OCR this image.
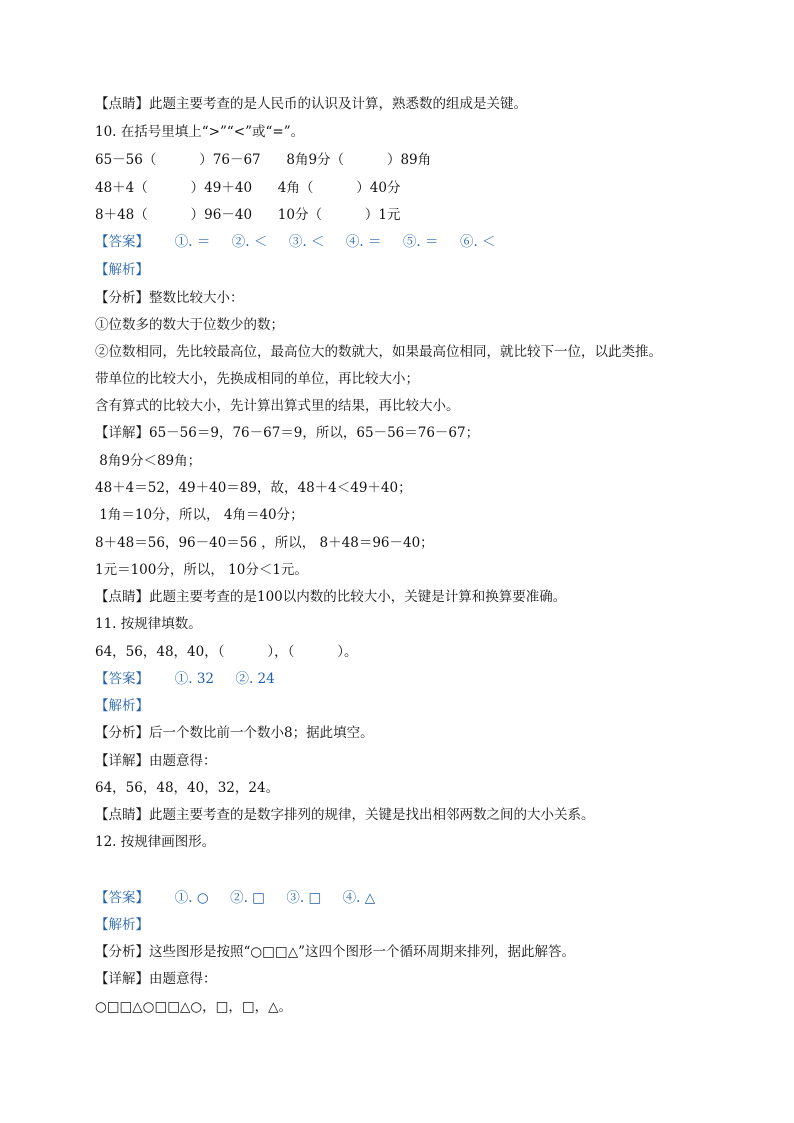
【点睛】此题主要考查的是人民币的认识及计算，熟悉数的组成是关键。
10. 在括号里填上“>”“<”或“=”。
65－56（          ）76－67      8角9分（          ）89角
48＋4（          ）49＋40      4角（          ）40分
8＋48（          ）96－40      10分（          ）1元
【答案】      ①. ＝     ②. ＜     ③. ＜     ④. ＝     ⑤. ＝     ⑥. ＜
【解析】
【分析】整数比较大小：
①位数多的数大于位数少的数；
②位数相同，先比较最高位，最高位大的数就大，如果最高位相同，就比较下一位，以此类推。
带单位的比较大小，先换成相同的单位，再比较大小；
含有算式的比较大小，先计算出算式里的结果，再比较大小。
【详解】65－56＝9，76－67＝9，所以，65－56＝76－67；
8角9分＜89角；
48＋4＝52，49＋40＝89，故，48＋4＜49＋40；
1角＝10分，所以， 4角＝40分；
8＋48＝56，96－40＝56 ，所以， 8＋48＝96－40；
1元＝100分，所以， 10分＜1元。
【点睛】此题主要考查的是100以内数的比较大小，关键是计算和换算要准确。
11. 按规律填数。
64，56，48，40，（          ），（          ）。
【答案】      ①. 32     ②. 24
【解析】
【分析】后一个数比前一个数小8；据此填空。
【详解】由题意得：
64，56，48，40，32，24。
【点睛】此题主要考查的是数字排列的规律，关键是找出相邻两数之间的大小关系。
12. 按规律画图形。

【答案】      ①. ○     ②. □     ③. □     ④. △
【解析】
【分析】这些图形是按照“○□□△”这四个图形一个循环周期来排列，据此解答。
【详解】由题意得：
○□□△○□□△○，□，□，△。
